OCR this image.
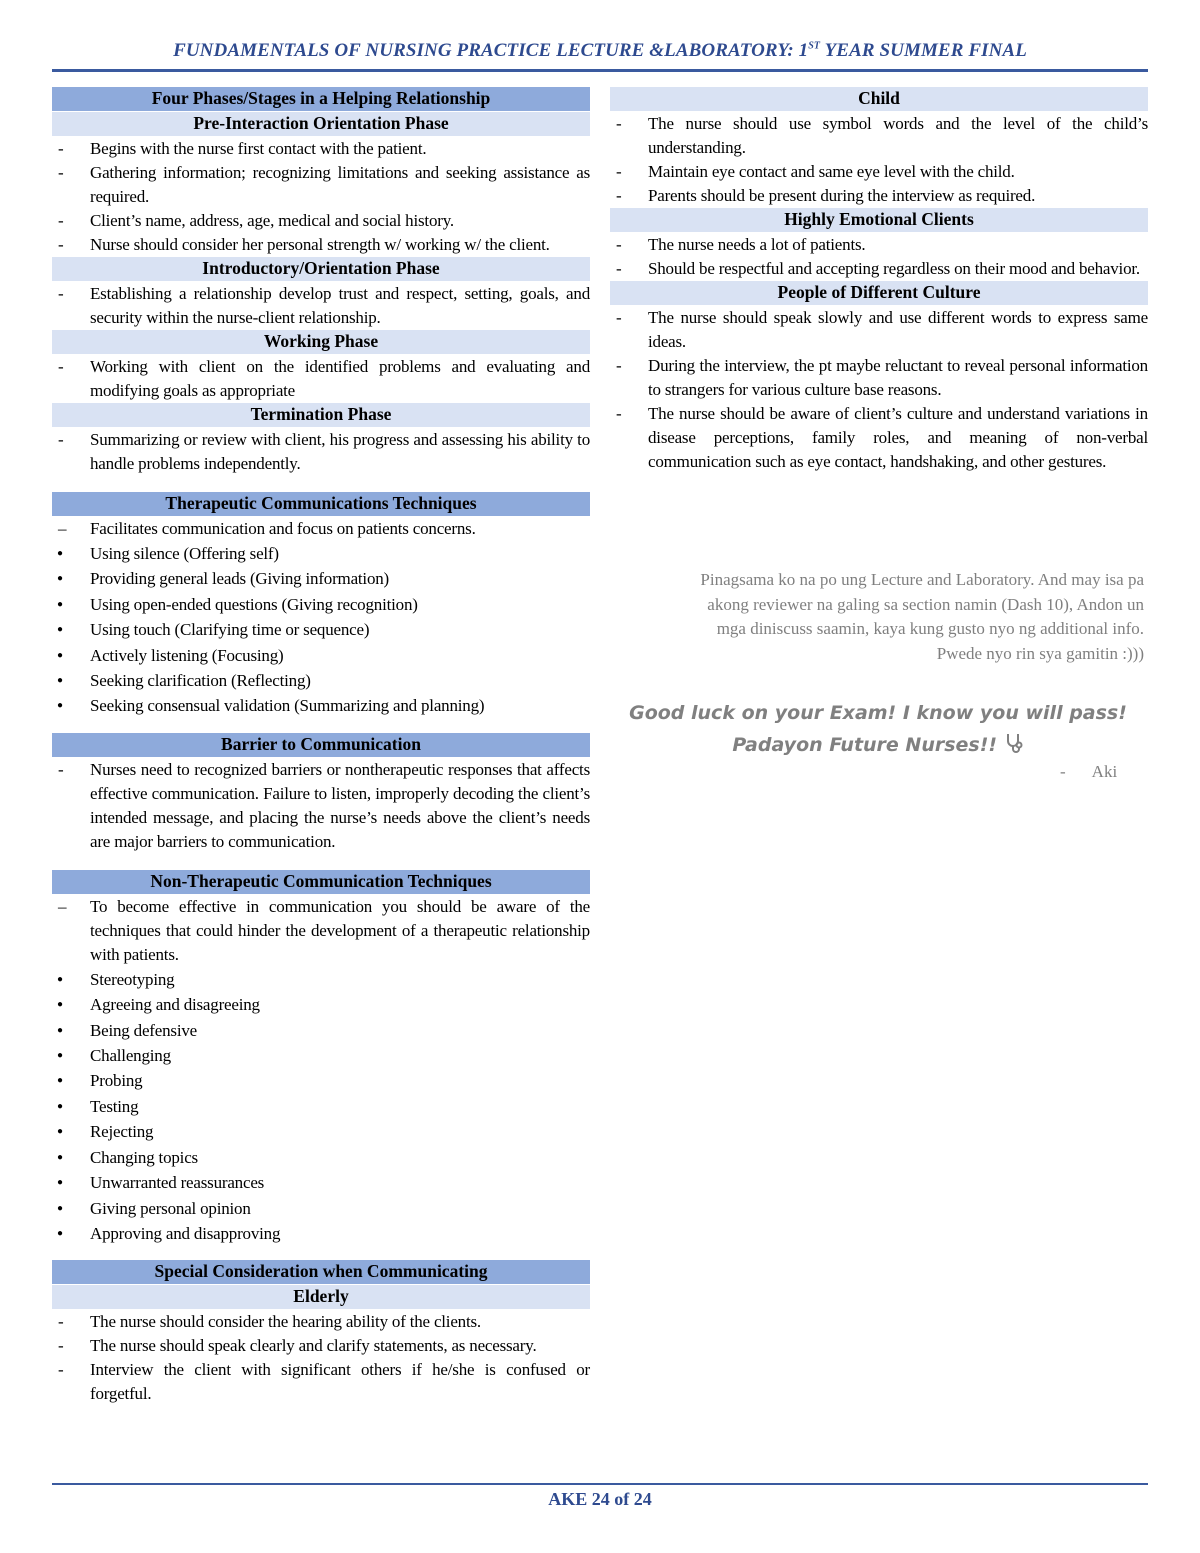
FUNDAMENTALS OF NURSING PRACTICE LECTURE &LABORATORY: 1ST YEAR SUMMER FINAL
Four Phases/Stages in a Helping Relationship
Pre-Interaction Orientation Phase
- Begins with the nurse first contact with the patient.
- Gathering information; recognizing limitations and seeking assistance as required.
- Client’s name, address, age, medical and social history.
- Nurse should consider her personal strength w/ working w/ the client.
Introductory/Orientation Phase
- Establishing a relationship develop trust and respect, setting, goals, and security within the nurse-client relationship.
Working Phase
- Working with client on the identified problems and evaluating and modifying goals as appropriate
Termination Phase
- Summarizing or review with client, his progress and assessing his ability to handle problems independently.
Therapeutic Communications Techniques
– Facilitates communication and focus on patients concerns.
● Using silence (Offering self)
● Providing general leads (Giving information)
● Using open-ended questions (Giving recognition)
● Using touch (Clarifying time or sequence)
● Actively listening (Focusing)
● Seeking clarification (Reflecting)
● Seeking consensual validation (Summarizing and planning)
Barrier to Communication
- Nurses need to recognized barriers or nontherapeutic responses that affects effective communication. Failure to listen, improperly decoding the client’s intended message, and placing the nurse’s needs above the client’s needs are major barriers to communication.
Non-Therapeutic Communication Techniques
– To become effective in communication you should be aware of the techniques that could hinder the development of a therapeutic relationship with patients.
● Stereotyping
● Agreeing and disagreeing
● Being defensive
● Challenging
● Probing
● Testing
● Rejecting
● Changing topics
● Unwarranted reassurances
● Giving personal opinion
● Approving and disapproving
Special Consideration when Communicating
Elderly
- The nurse should consider the hearing ability of the clients.
- The nurse should speak clearly and clarify statements, as necessary.
- Interview the client with significant others if he/she is confused or forgetful.
Child
- The nurse should use symbol words and the level of the child’s understanding.
- Maintain eye contact and same eye level with the child.
- Parents should be present during the interview as required.
Highly Emotional Clients
- The nurse needs a lot of patients.
- Should be respectful and accepting regardless on their mood and behavior.
People of Different Culture
- The nurse should speak slowly and use different words to express same ideas.
- During the interview, the pt maybe reluctant to reveal personal information to strangers for various culture base reasons.
- The nurse should be aware of client’s culture and understand variations in disease perceptions, family roles, and meaning of non-verbal communication such as eye contact, handshaking, and other gestures.
Pinagsama ko na po ung Lecture and Laboratory. And may isa pa
akong reviewer na galing sa section namin (Dash 10), Andon un
mga diniscuss saamin, kaya kung gusto nyo ng additional info.
Pwede nyo rin sya gamitin :)))
Good luck on your Exam! I know you will pass!
Padayon Future Nurses!!
- Aki
AKE 24 of 24
